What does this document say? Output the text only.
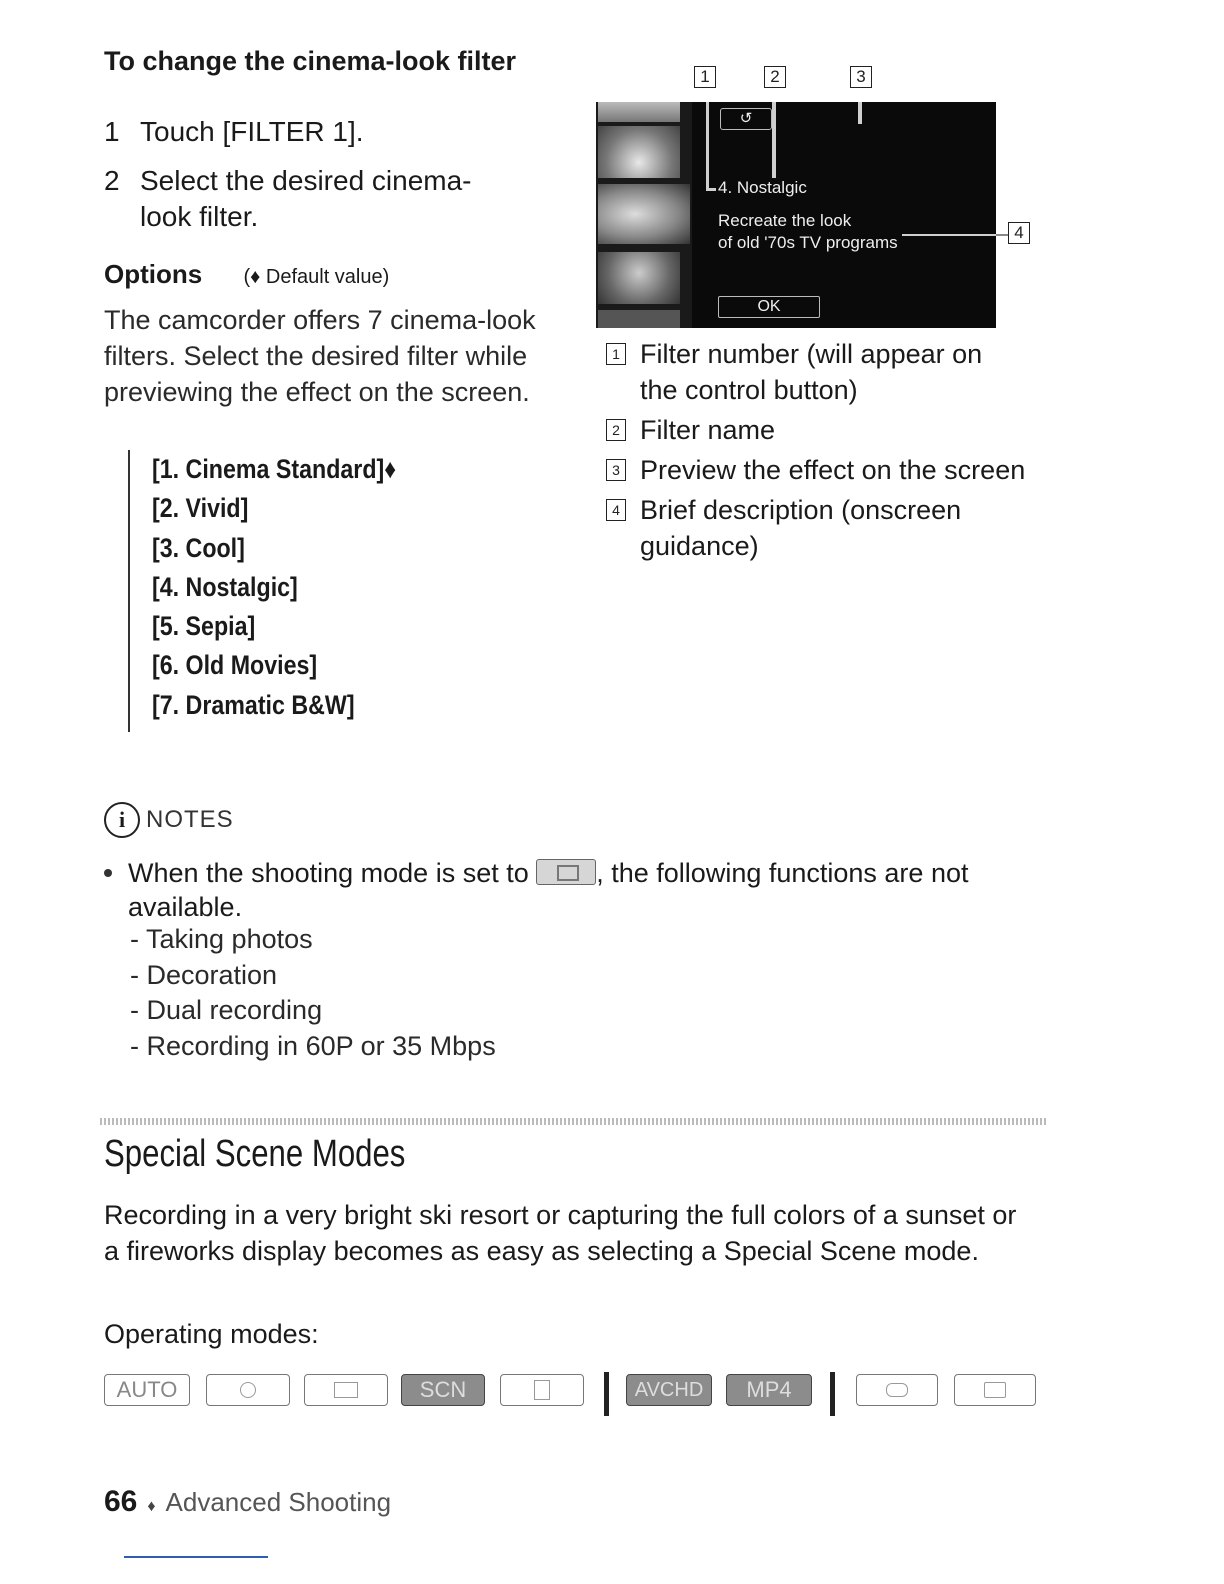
To change the cinema-look filter
1 Touch [FILTER 1].
2 Select the desired cinema-look filter.
Options (♦ Default value)
The camcorder offers 7 cinema-look filters. Select the desired filter while previewing the effect on the screen.
[1. Cinema Standard]♦
[2. Vivid]
[3. Cool]
[4. Nostalgic]
[5. Sepia]
[6. Old Movies]
[7. Dramatic B&W]
1	2	3
4
↺
4. Nostalgic
Recreate the look
of old '70s TV programs
OK
1 Filter number (will appear on the control button)
2 Filter name
3 Preview the effect on the screen
4 Brief description (onscreen guidance)
i NOTES
When the shooting mode is set to	, the following functions are not available.
- Taking photos
- Decoration
- Dual recording
- Recording in 60P or 35 Mbps
Special Scene Modes
Recording in a very bright ski resort or capturing the full colors of a sunset or a fireworks display becomes as easy as selecting a Special Scene mode.
Operating modes:
AUTO	SCN	AVCHD	MP4
66 ♦ Advanced Shooting
